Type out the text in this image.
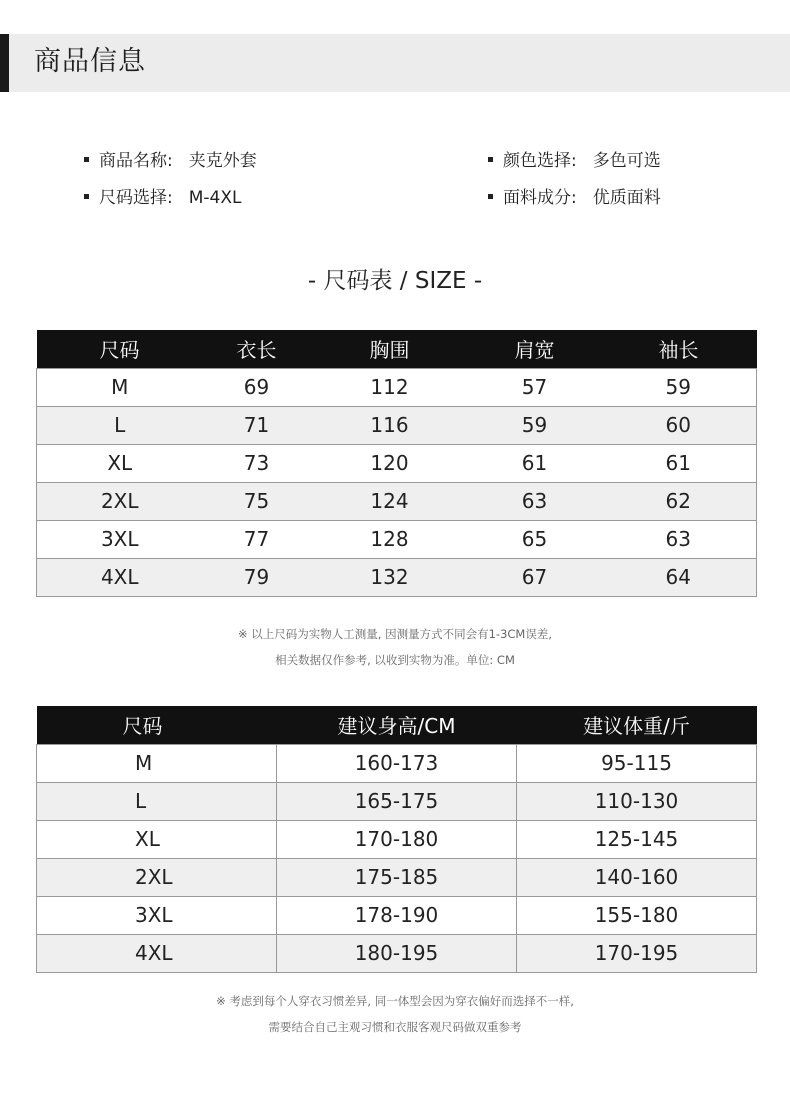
商品信息
商品名称: 夹克外套	颜色选择: 多色可选
尺码选择: M-4XL	面料成分: 优质面料
- 尺码表 / SIZE -
尺码	衣长	胸围	肩宽	袖长
M	69	112	57	59
L	71	116	59	60
XL	73	120	61	61
2XL	75	124	63	62
3XL	77	128	65	63
4XL	79	132	67	64
※ 以上尺码为实物人工测量, 因测量方式不同会有1-3CM误差,
相关数据仅作参考, 以收到实物为准。单位: CM
尺码	建议身高/CM	建议体重/斤
M	160-173	95-115
L	165-175	110-130
XL	170-180	125-145
2XL	175-185	140-160
3XL	178-190	155-180
4XL	180-195	170-195
※ 考虑到每个人穿衣习惯差异, 同一体型会因为穿衣偏好而选择不一样,
需要结合自己主观习惯和衣服客观尺码做双重参考
